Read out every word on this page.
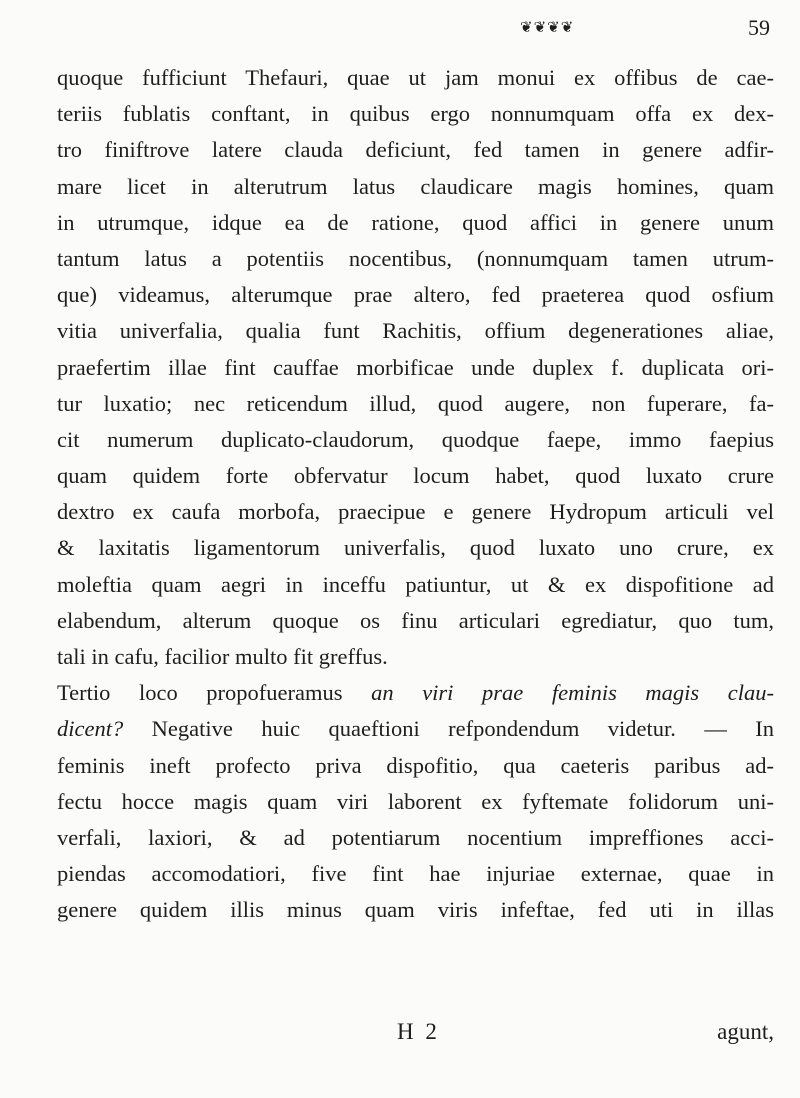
❦❦❦❦	59
quoque fufficiunt Thefauri, quae ut jam monui ex offibus de cae-
teriis fublatis conftant, in quibus ergo nonnumquam offa ex dex-
tro finiftrove latere clauda deficiunt, fed tamen in genere adfir-
mare licet in alterutrum latus claudicare magis homines, quam
in utrumque, idque ea de ratione, quod affici in genere unum
tantum latus a potentiis nocentibus, (nonnumquam tamen utrum-
que) videamus, alterumque prae altero, fed praeterea quod osfium
vitia univerfalia, qualia funt Rachitis, offium degenerationes aliae,
praefertim illae fint cauffae morbificae unde duplex f. duplicata ori-
tur luxatio; nec reticendum illud, quod augere, non fuperare, fa-
cit numerum duplicato-claudorum, quodque faepe, immo faepius
quam quidem forte obfervatur locum habet, quod luxato crure
dextro ex caufa morbofa, praecipue e genere Hydropum articuli vel
& laxitatis ligamentorum univerfalis, quod luxato uno crure, ex
moleftia quam aegri in inceffu patiuntur, ut & ex dispofitione ad
elabendum, alterum quoque os finu articulari egrediatur, quo tum,
tali in cafu, facilior multo fit greffus.
Tertio loco propofueramus an viri prae feminis magis clau-
dicent? Negative huic quaeftioni refpondendum videtur. — In
feminis ineft profecto priva dispofitio, qua caeteris paribus ad-
fectu hocce magis quam viri laborent ex fyftemate folidorum uni-
verfali, laxiori, & ad potentiarum nocentium impreffiones acci-
piendas accomodatiori, five fint hae injuriae externae, quae in
genere quidem illis minus quam viris infeftae, fed uti in illas
H 2	agunt,
